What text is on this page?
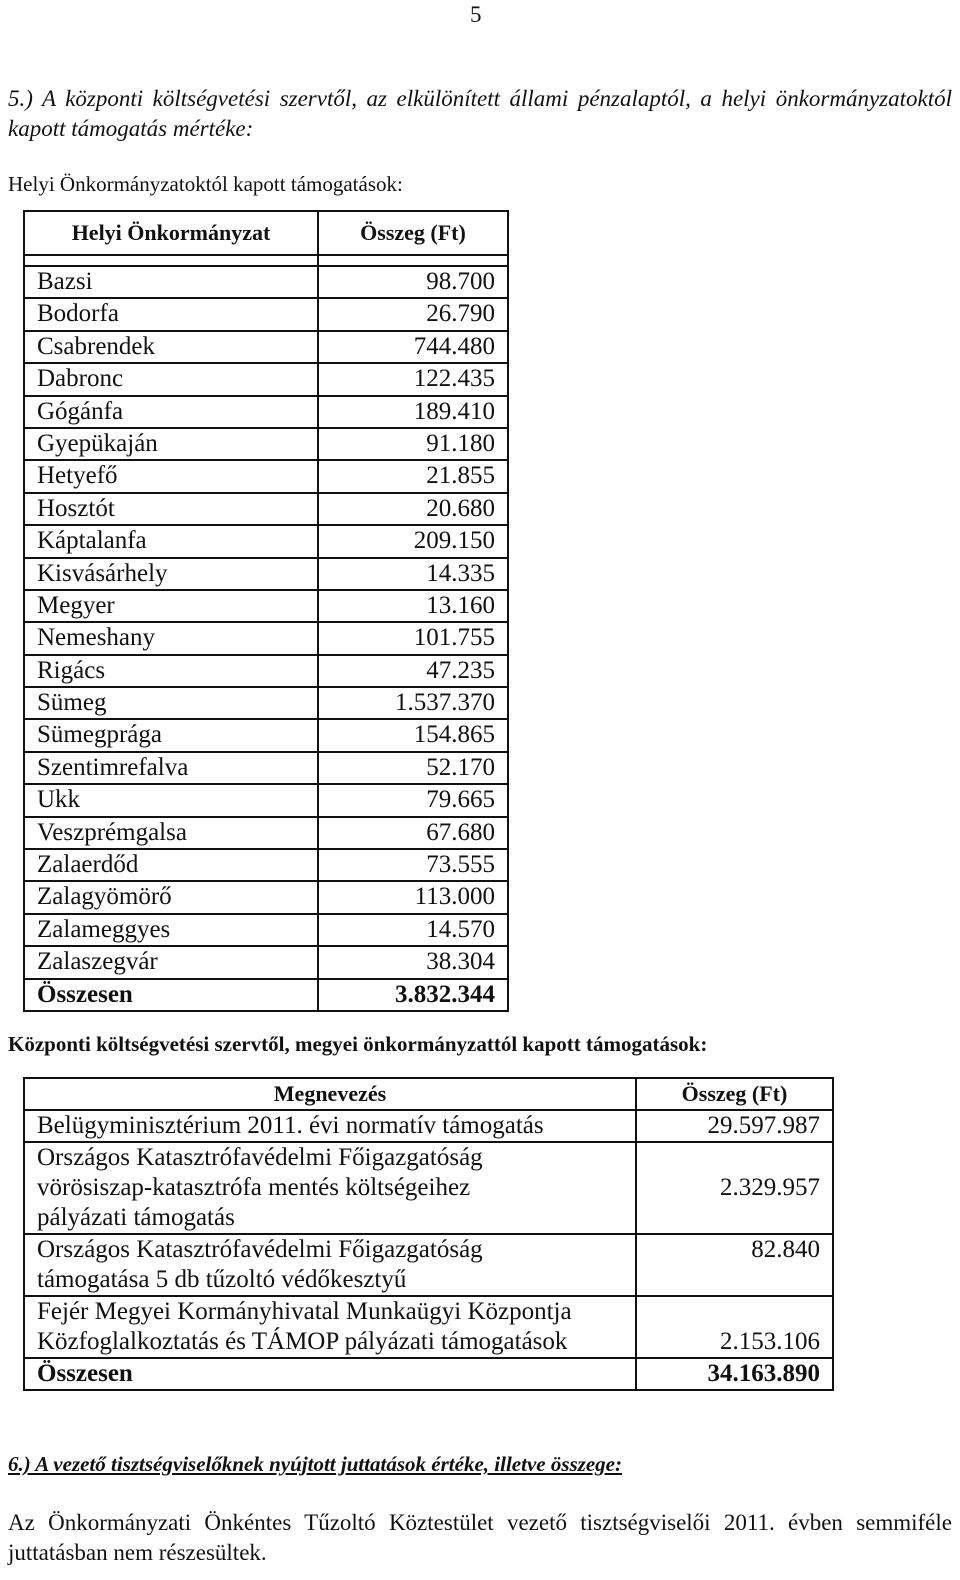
5
5.) A központi költségvetési szervtől, az elkülönített állami pénzalaptól, a helyi önkormányzatoktól kapott támogatás mértéke:
Helyi Önkormányzatoktól kapott támogatások:
Helyi Önkormányzat	Összeg (Ft)

Bazsi	98.700
Bodorfa	26.790
Csabrendek	744.480
Dabronc	122.435
Gógánfa	189.410
Gyepükaján	91.180
Hetyefő	21.855
Hosztót	20.680
Káptalanfa	209.150
Kisvásárhely	14.335
Megyer	13.160
Nemeshany	101.755
Rigács	47.235
Sümeg	1.537.370
Sümegprága	154.865
Szentimrefalva	52.170
Ukk	79.665
Veszprémgalsa	67.680
Zalaerdőd	73.555
Zalagyömörő	113.000
Zalameggyes	14.570
Zalaszegvár	38.304
Összesen	3.832.344
Központi költségvetési szervtől, megyei önkormányzattól kapott támogatások:
Megnevezés	Összeg (Ft)
Belügyminisztérium 2011. évi normatív támogatás	29.597.987

Országos Katasztrófavédelmi Főigazgatóság
vörösiszap-katasztrófa mentés költségeihez
pályázati támogatás	2.329.957

Országos Katasztrófavédelmi Főigazgatóság
támogatása 5 db tűzoltó védőkesztyű	82.840

Fejér Megyei Kormányhivatal Munkaügyi Központja
Közfoglalkoztatás és TÁMOP pályázati támogatások	2.153.106
Összesen	34.163.890
6.) A vezető tisztségviselőknek nyújtott juttatások értéke, illetve összege:
Az Önkormányzati Önkéntes Tűzoltó Köztestület vezető tisztségviselői 2011. évben semmiféle juttatásban nem részesültek.
